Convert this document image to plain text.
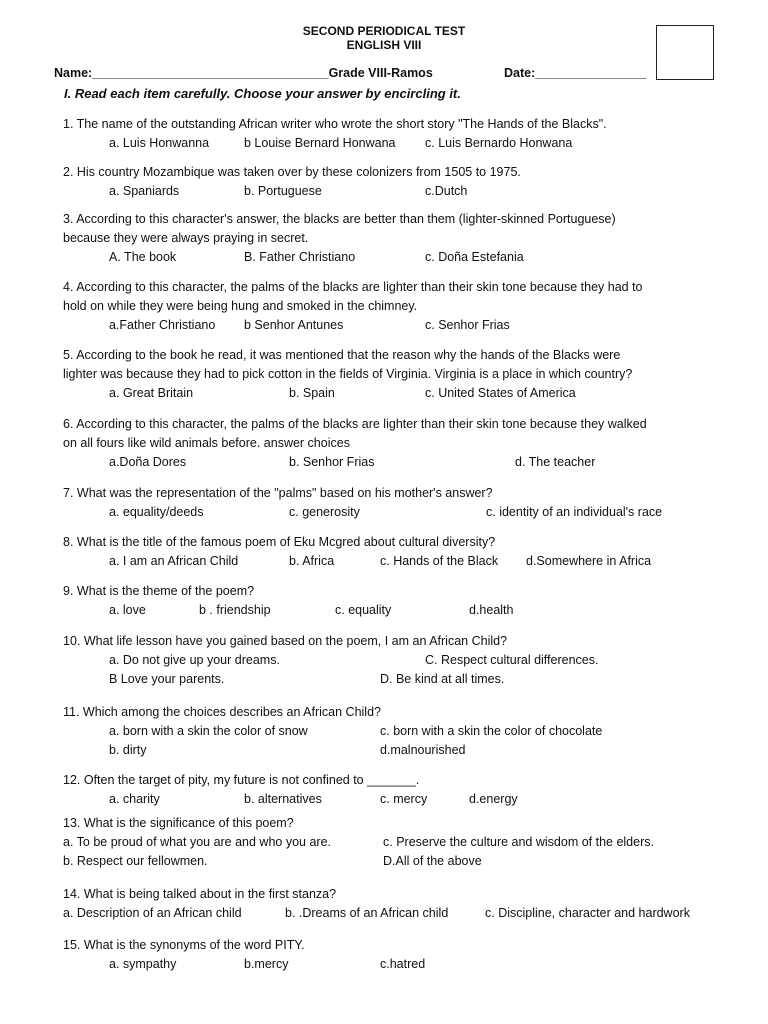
SECOND PERIODICAL TEST
ENGLISH VIII
Name:__________________________________Grade VIII-Ramos	Date:________________
I. Read each item carefully. Choose your answer by encircling it.
1. The name of the outstanding African writer who wrote the short story "The Hands of the Blacks".
a. Luis Honwanna	b Louise Bernard Honwana c. Luis Bernardo Honwana
2. His country Mozambique was taken over by these colonizers from 1505 to 1975.
a. Spaniards	b. Portuguese	c.Dutch
3. According to this character's answer, the blacks are better than them (lighter-skinned Portuguese)
because they were always praying in secret.
A. The book	B. Father Christiano	c. Doña Estefania
4. According to this character, the palms of the blacks are lighter than their skin tone because they had to
hold on while they were being hung and smoked in the chimney.
a.Father Christiano b Senhor Antunes	c. Senhor Frias
5. According to the book he read, it was mentioned that the reason why the hands of the Blacks were
lighter was because they had to pick cotton in the fields of Virginia. Virginia is a place in which country?
a. Great Britain	b. Spain	c. United States of America
6. According to this character, the palms of the blacks are lighter than their skin tone because they walked
on all fours like wild animals before. answer choices
a.Doña Dores	b. Senhor Frias	d. The teacher
7. What was the representation of the "palms" based on his mother's answer?
a. equality/deeds	c. generosity	c. identity of an individual's race
8. What is the title of the famous poem of Eku Mcgred about cultural diversity?
a. I am an African Child	b. Africa	c. Hands of the Black d.Somewhere in Africa
9. What is the theme of the poem?
a. love	b . friendship	c. equality	d.health
10. What life lesson have you gained based on the poem, I am an African Child?
a. Do not give up your dreams.	C. Respect cultural differences.
B Love your parents.	D. Be kind at all times.
11. Which among the choices describes an African Child?
a. born with a skin the color of snow	c. born with a skin the color of chocolate
b. dirty	d.malnourished
12. Often the target of pity, my future is not confined to _______.
a. charity	b. alternatives	c. mercy	d.energy
13. What is the significance of this poem?
a. To be proud of what you are and who you are.	c. Preserve the culture and wisdom of the elders.
b. Respect our fellowmen.	D.All of the above
14. What is being talked about in the first stanza?
a. Description of an African child	b. .Dreams of an African child	c. Discipline, character and hardwork
15. What is the synonyms of the word PITY.
a. sympathy	b.mercy	c.hatred
